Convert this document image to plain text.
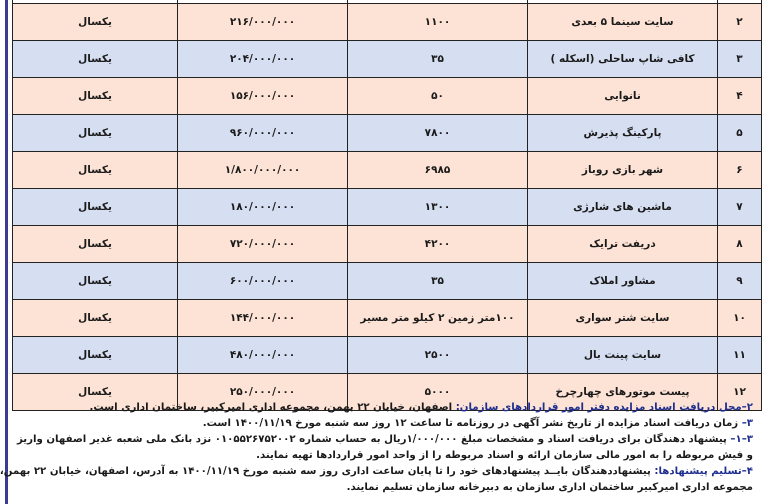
۲	سایت سینما ۵ بعدی	۱۱۰۰	۲۱۶/۰۰۰/۰۰۰	یکسال
۳	کافی شاپ ساحلی (اسکله )	۳۵	۲۰۴/۰۰۰/۰۰۰	یکسال
۴	نانوایی	۵۰	۱۵۶/۰۰۰/۰۰۰	یکسال
۵	پارکینگ پذیرش	۷۸۰۰	۹۶۰/۰۰۰/۰۰۰	یکسال
۶	شهر بازی روباز	۶۹۸۵	۱/۸۰۰/۰۰۰/۰۰۰	یکسال
۷	ماشین های شارژی	۱۳۰۰	۱۸۰/۰۰۰/۰۰۰	یکسال
۸	دریفت ترایک	۴۲۰۰	۷۲۰/۰۰۰/۰۰۰	یکسال
۹	مشاور املاک	۳۵	۶۰۰/۰۰۰/۰۰۰	یکسال
۱۰	سایت شتر سواری	۱۰۰متر زمین ۲ کیلو متر مسیر	۱۴۴/۰۰۰/۰۰۰	یکسال
۱۱	سایت پینت بال	۲۵۰۰	۴۸۰/۰۰۰/۰۰۰	یکسال
۱۲	پیست موتورهای چهارچرخ	۵۰۰۰	۲۵۰/۰۰۰/۰۰۰	یکسال

۲–محل دریافت اسناد مزایده دفتر امور قراردادهای سازمان: اصفهان، خیابان ۲۲ بهمن، مجموعه اداری امیرکبیر، ساختمان اداری است.

۳– زمان دریافت اسناد مزایده از تاریخ نشر آگهی در روزنامه تا ساعت ۱۲ روز سه شنبه مورخ ۱۴۰۰/۱۱/۱۹ است.

۳–۱– پیشنهاد دهندگان برای دریافت اسناد و مشخصات مبلغ ۱/۰۰۰/۰۰۰ریال به حساب شماره ۰۱۰۵۵۲۶۷۵۲۰۰۲ نزد بانک ملی شعبه غدیر اصفهان واریز

و فیش مربوطه را به امور مالی سازمان ارائه و اسناد مربوطه را از واحد امور قراردادها تهیه نمایند.

۴–تسلیم پیشنهادها: پیشنهاددهندگان بایــد پیشنهادهای خود را تا پایان ساعت اداری روز سه شنبه مورخ ۱۴۰۰/۱۱/۱۹ به آدرس، اصفهان، خیابان ۲۲ بهمن،

مجموعه اداری امیرکبیر ساختمان اداری سازمان به دبیرخانه سازمان تسلیم نمایند.
